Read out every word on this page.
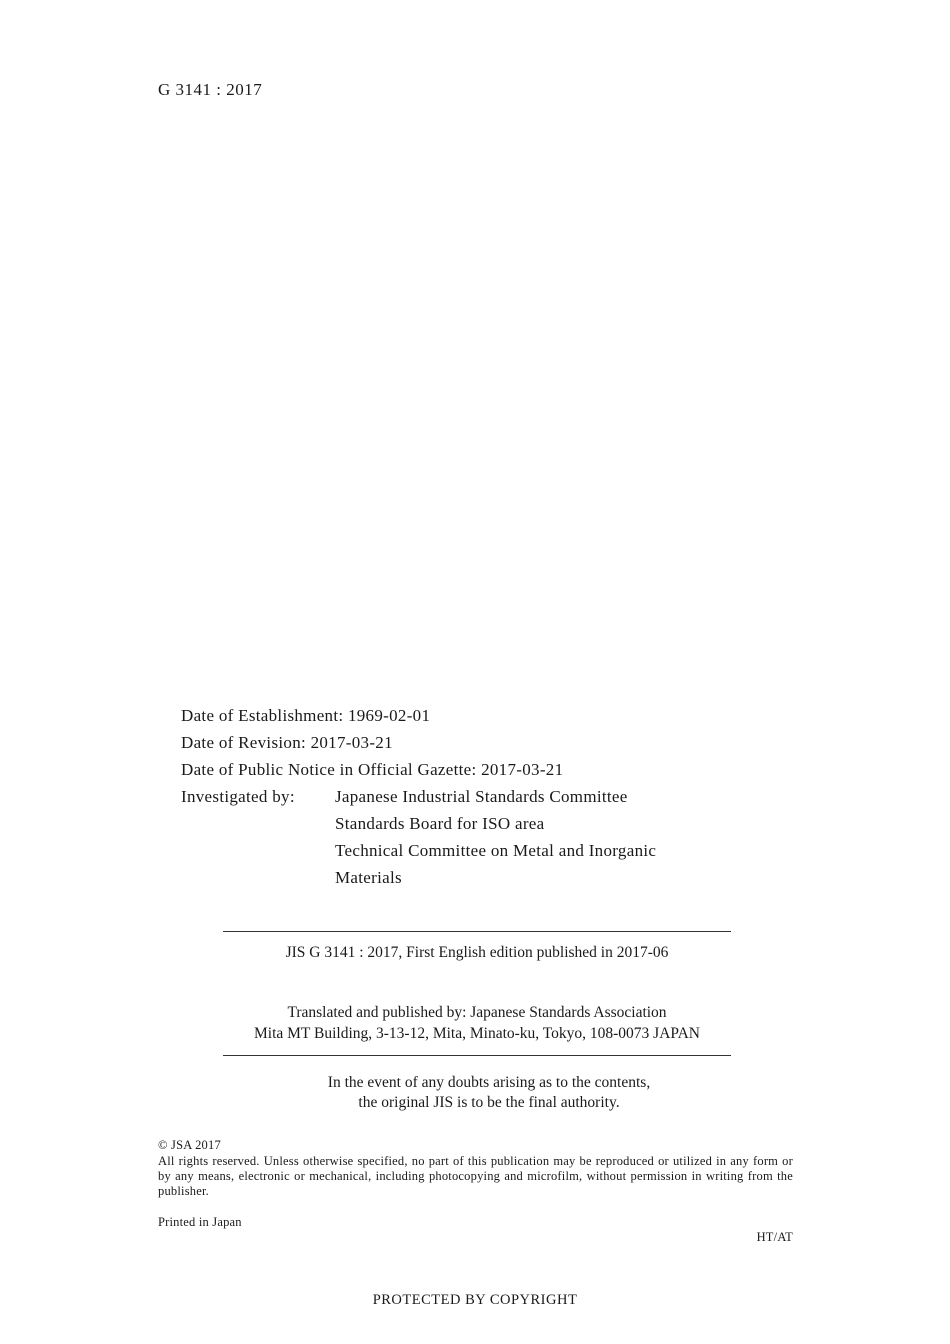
G 3141 : 2017
Date of Establishment: 1969-02-01
Date of Revision: 2017-03-21
Date of Public Notice in Official Gazette: 2017-03-21
Investigated by: Japanese Industrial Standards Committee
Standards Board for ISO area
Technical Committee on Metal and Inorganic
Materials
JIS G 3141 : 2017, First English edition published in 2017-06
Translated and published by: Japanese Standards Association
Mita MT Building, 3-13-12, Mita, Minato-ku, Tokyo, 108-0073 JAPAN
In the event of any doubts arising as to the contents,
the original JIS is to be the final authority.
© JSA 2017
All rights reserved. Unless otherwise specified, no part of this publication may be reproduced or utilized in any form or by any means, electronic or mechanical, including photocopying and microfilm, without permission in writing from the publisher.
Printed in Japan
HT/AT
PROTECTED BY COPYRIGHT
